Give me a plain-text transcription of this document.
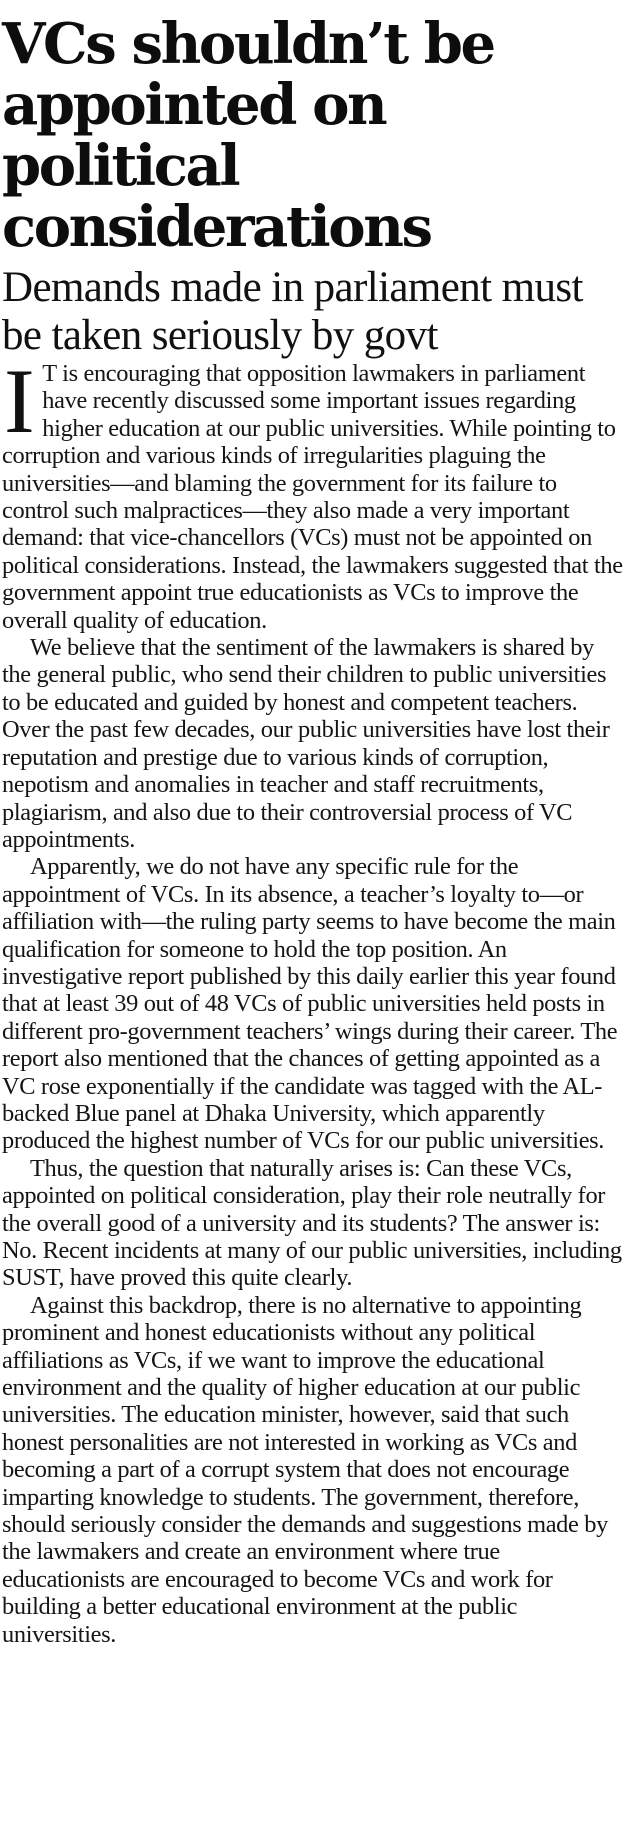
VCs shouldn’t be appointed on political considerations
Demands made in parliament must be taken seriously by govt

I T is encouraging that opposition lawmakers in parliament have recently discussed some important issues regarding higher education at our public universities. While pointing to corruption and various kinds of irregularities plaguing the universities—and blaming the government for its failure to control such malpractices—they also made a very important demand: that vice-chancellors (VCs) must not be appointed on political considerations. Instead, the lawmakers suggested that the government appoint true educationists as VCs to improve the overall quality of education.

We believe that the sentiment of the lawmakers is shared by the general public, who send their children to public universities to be educated and guided by honest and competent teachers. Over the past few decades, our public universities have lost their reputation and prestige due to various kinds of corruption, nepotism and anomalies in teacher and staff recruitments, plagiarism, and also due to their controversial process of VC appointments.

Apparently, we do not have any specific rule for the appointment of VCs. In its absence, a teacher’s loyalty to—or affiliation with—the ruling party seems to have become the main qualification for someone to hold the top position. An investigative report published by this daily earlier this year found that at least 39 out of 48 VCs of public universities held posts in different pro-government teachers’ wings during their career. The report also mentioned that the chances of getting appointed as a VC rose exponentially if the candidate was tagged with the AL-backed Blue panel at Dhaka University, which apparently produced the highest number of VCs for our public universities.

Thus, the question that naturally arises is: Can these VCs, appointed on political consideration, play their role neutrally for the overall good of a university and its students? The answer is: No. Recent incidents at many of our public universities, including SUST, have proved this quite clearly.

Against this backdrop, there is no alternative to appointing prominent and honest educationists without any political affiliations as VCs, if we want to improve the educational environment and the quality of higher education at our public universities. The education minister, however, said that such honest personalities are not interested in working as VCs and becoming a part of a corrupt system that does not encourage imparting knowledge to students. The government, therefore, should seriously consider the demands and suggestions made by the lawmakers and create an environment where true educationists are encouraged to become VCs and work for building a better educational environment at the public universities.
